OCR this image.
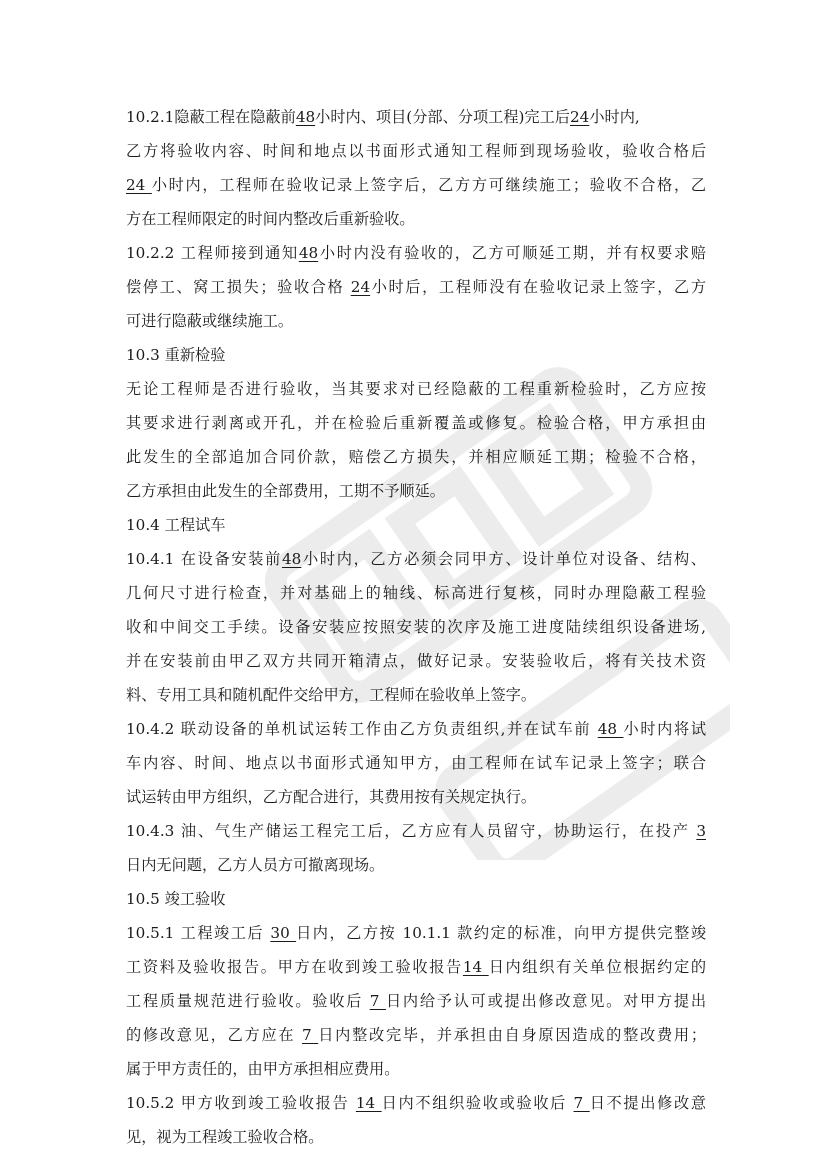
10.2.1隐蔽工程在隐蔽前48小时内、项目(分部、分项工程)完工后24小时内,
乙方将验收内容、时间和地点以书面形式通知工程师到现场验收，验收合格后
24 小时内，工程师在验收记录上签字后，乙方方可继续施工；验收不合格，乙
方在工程师限定的时间内整改后重新验收。
10.2.2 工程师接到通知48小时内没有验收的，乙方可顺延工期，并有权要求赔
偿停工、窝工损失；验收合格 24小时后，工程师没有在验收记录上签字，乙方
可进行隐蔽或继续施工。
10.3 重新检验
无论工程师是否进行验收，当其要求对已经隐蔽的工程重新检验时，乙方应按
其要求进行剥离或开孔，并在检验后重新覆盖或修复。检验合格，甲方承担由
此发生的全部追加合同价款，赔偿乙方损失，并相应顺延工期；检验不合格，
乙方承担由此发生的全部费用，工期不予顺延。
10.4 工程试车
10.4.1 在设备安装前48小时内，乙方必须会同甲方、设计单位对设备、结构、
几何尺寸进行检查，并对基础上的轴线、标高进行复核，同时办理隐蔽工程验
收和中间交工手续。设备安装应按照安装的次序及施工进度陆续组织设备进场,
并在安装前由甲乙双方共同开箱清点，做好记录。安装验收后，将有关技术资
料、专用工具和随机配件交给甲方，工程师在验收单上签字。
10.4.2 联动设备的单机试运转工作由乙方负责组织,并在试车前 48 小时内将试
车内容、时间、地点以书面形式通知甲方，由工程师在试车记录上签字；联合
试运转由甲方组织，乙方配合进行，其费用按有关规定执行。
10.4.3 油、气生产储运工程完工后，乙方应有人员留守，协助运行，在投产 3
日内无问题，乙方人员方可撤离现场。
10.5 竣工验收
10.5.1 工程竣工后 30 日内，乙方按 10.1.1 款约定的标准，向甲方提供完整竣
工资料及验收报告。甲方在收到竣工验收报告14 日内组织有关单位根据约定的
工程质量规范进行验收。验收后 7 日内给予认可或提出修改意见。对甲方提出
的修改意见，乙方应在 7 日内整改完毕，并承担由自身原因造成的整改费用；
属于甲方责任的，由甲方承担相应费用。
10.5.2 甲方收到竣工验收报告 14 日内不组织验收或验收后 7 日不提出修改意
见，视为工程竣工验收合格。
